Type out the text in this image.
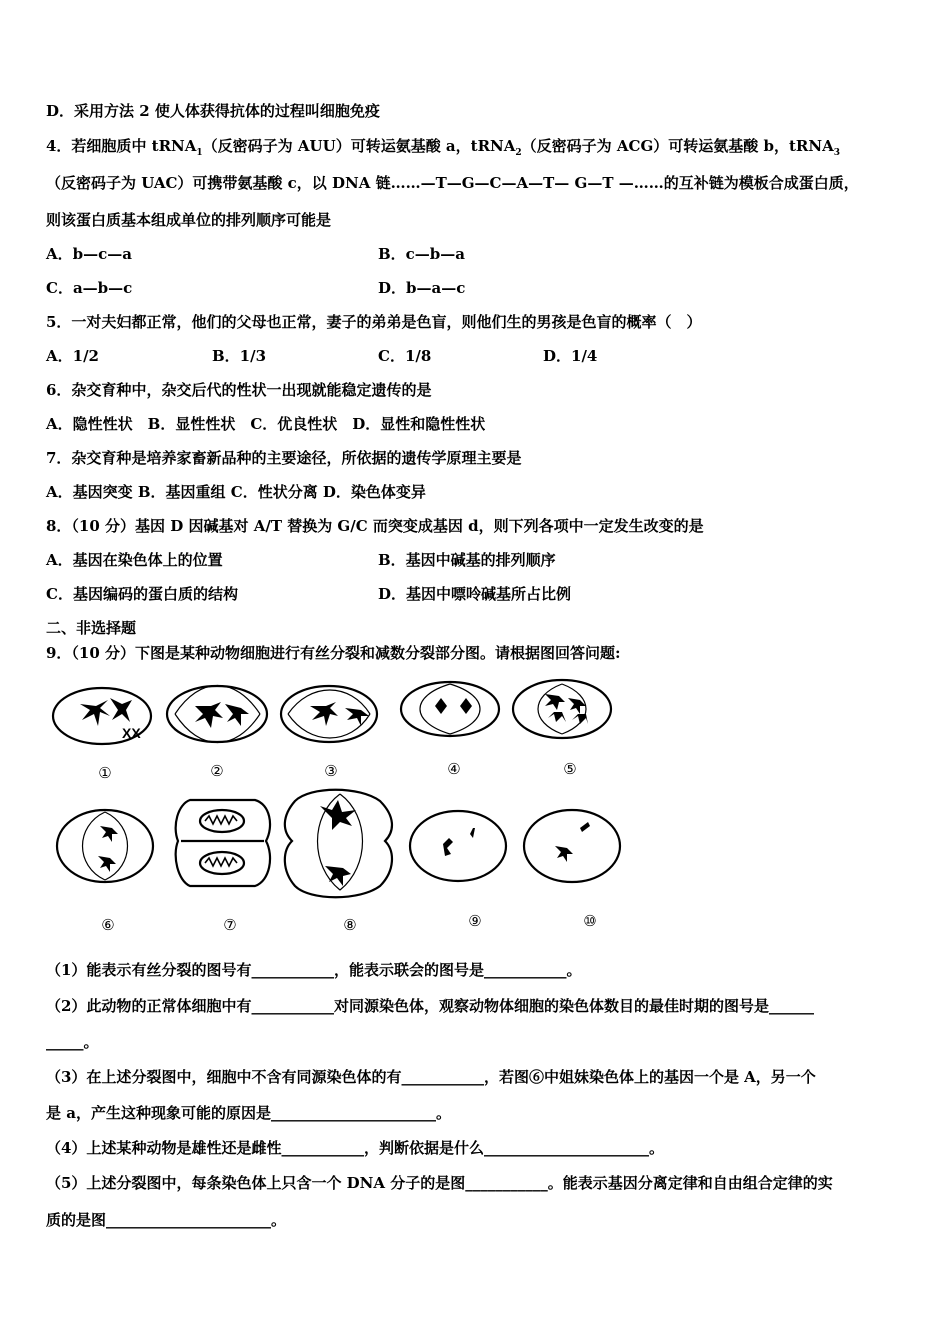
D．采用方法 2 使人体获得抗体的过程叫细胞免疫
4．若细胞质中 tRNA$_1$（反密码子为 AUU）可转运氨基酸 a，tRNA$_2$（反密码子为 ACG）可转运氨基酸 b，tRNA$_3$
（反密码子为 UAC）可携带氨基酸 c，以 DNA 链……—T—G—C—A—T— G—T —……的互补链为模板合成蛋白质，
则该蛋白质基本组成单位的排列顺序可能是
A．b—c—a	B．c—b—a
C．a—b—c	D．b—a—c
5．一对夫妇都正常，他们的父母也正常，妻子的弟弟是色盲，则他们生的男孩是色盲的概率（　）
A．1/2	B．1/3	C．1/8	D．1/4
6．杂交育种中，杂交后代的性状一出现就能稳定遗传的是
A．隐性性状　B．显性性状　C．优良性状　D．显性和隐性性状
7．杂交育种是培养家畜新品种的主要途径，所依据的遗传学原理主要是
A．基因突变 B．基因重组 C．性状分离 D．染色体变异
8．（10 分）基因 D 因碱基对 A/T 替换为 G/C 而突变成基因 d，则下列各项中一定发生改变的是
A．基因在染色体上的位置	B．基因中碱基的排列顺序
C．基因编码的蛋白质的结构	D．基因中嘌呤碱基所占比例
二、非选择题
9．（10 分）下图是某种动物细胞进行有丝分裂和减数分裂部分图。请根据图回答问题:
XX
①	②	③	④	⑤
⑥	⑦	⑧	⑨	⑩
（1）能表示有丝分裂的图号有___________，能表示联会的图号是___________。
（2）此动物的正常体细胞中有___________对同源染色体，观察动物体细胞的染色体数目的最佳时期的图号是______
_____。
（3）在上述分裂图中，细胞中不含有同源染色体的有___________，若图⑥中姐妹染色体上的基因一个是 A，另一个
是 a，产生这种现象可能的原因是______________________。
（4）上述某种动物是雄性还是雌性___________，判断依据是什么______________________。
（5）上述分裂图中，每条染色体上只含一个 DNA 分子的是图___________。能表示基因分离定律和自由组合定律的实
质的是图______________________。
